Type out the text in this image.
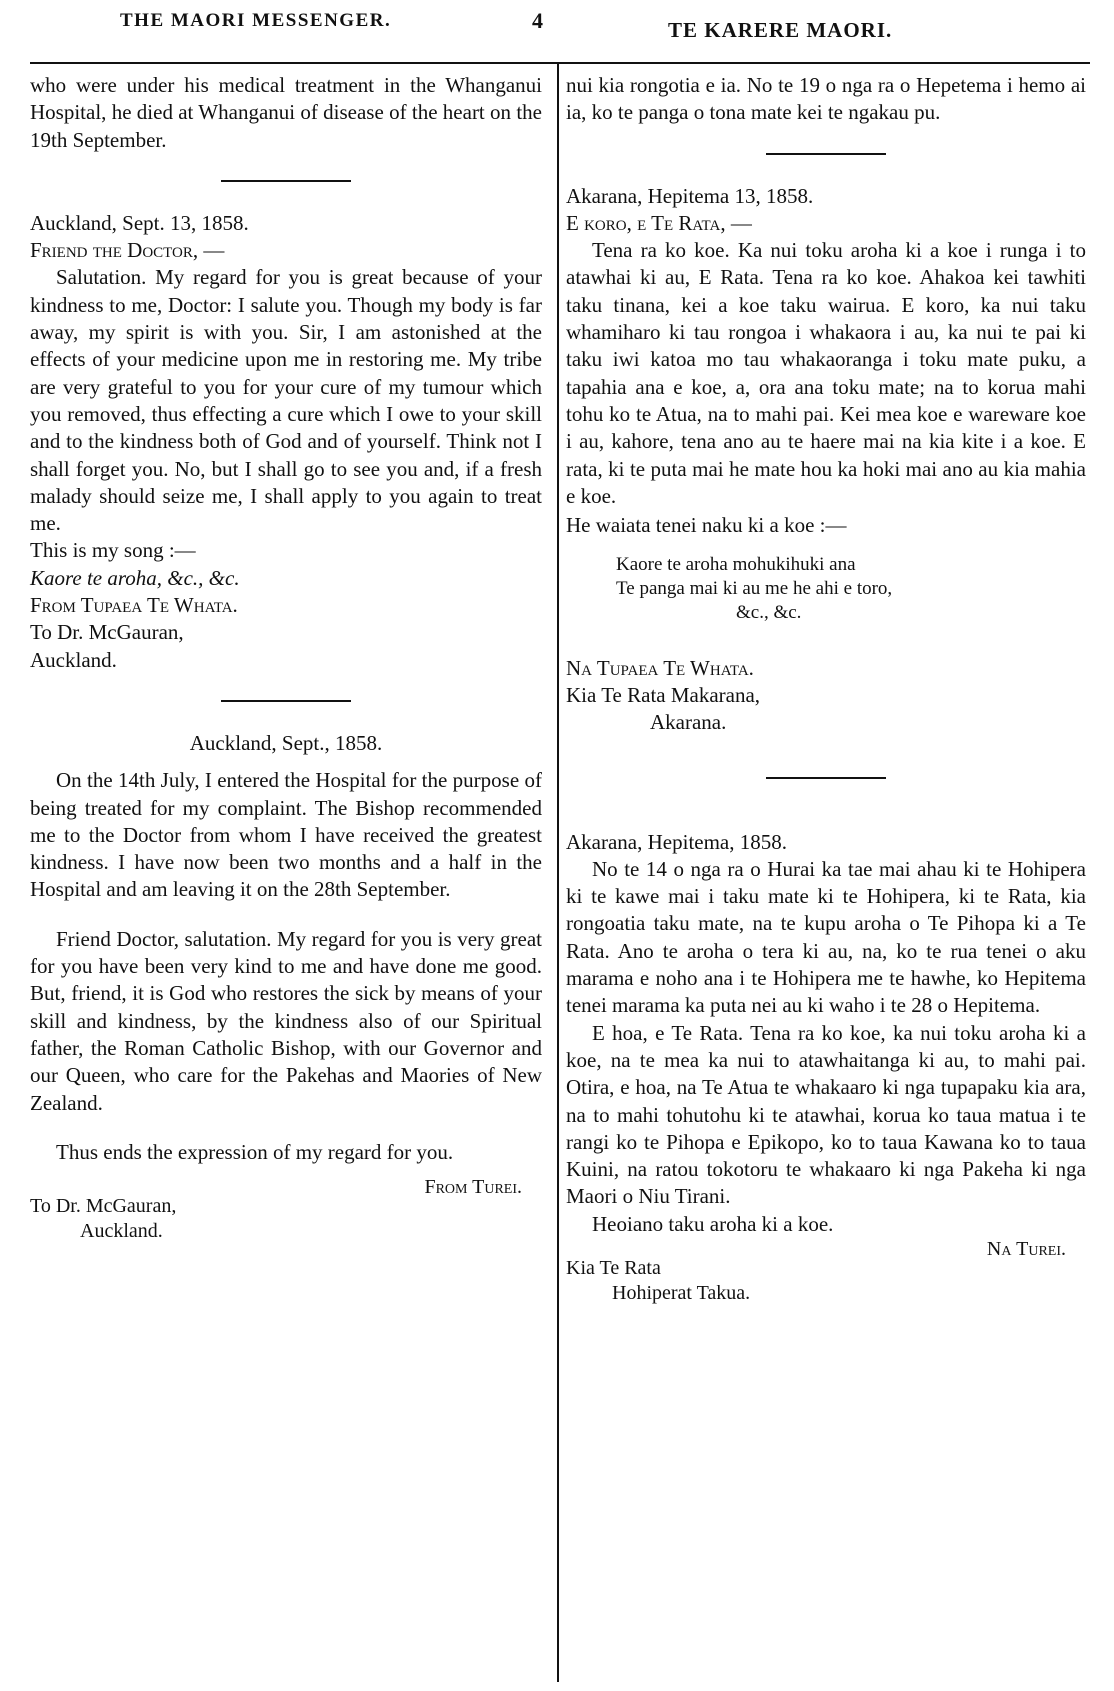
THE MAORI MESSENGER.	4	TE KARERE MAORI.

who were under his medical treatment in the Whanganui Hospital, he died at Whanganui of disease of the heart on the 19th September.

Auckland, Sept. 13, 1858.

Friend the Doctor, —

Salutation. My regard for you is great because of your kindness to me, Doctor: I salute you. Though my body is far away, my spirit is with you. Sir, I am astonished at the effects of your medicine upon me in restoring me. My tribe are very grateful to you for your cure of my tumour which you removed, thus effecting a cure which I owe to your skill and to the kindness both of God and of yourself. Think not I shall forget you. No, but I shall go to see you and, if a fresh malady should seize me, I shall apply to you again to treat me.

This is my song :—

Kaore te aroha, &c., &c.

From Tupaea Te Whata.

To Dr. McGauran,

Auckland.

Auckland, Sept., 1858.

On the 14th July, I entered the Hospital for the purpose of being treated for my complaint. The Bishop recommended me to the Doctor from whom I have received the greatest kindness. I have now been two months and a half in the Hospital and am leaving it on the 28th September.

Friend Doctor, salutation. My regard for you is very great for you have been very kind to me and have done me good. But, friend, it is God who restores the sick by means of your skill and kindness, by the kindness also of our Spiritual father, the Roman Catholic Bishop, with our Governor and our Queen, who care for the Pakehas and Maories of New Zealand.

Thus ends the expression of my regard for you.

From Turei.
To Dr. McGauran,
Auckland.

nui kia rongotia e ia. No te 19 o nga ra o Hepetema i hemo ai ia, ko te panga o tona mate kei te ngakau pu.

Akarana, Hepitema 13, 1858.

E koro, e Te Rata, —

Tena ra ko koe. Ka nui toku aroha ki a koe i runga i to atawhai ki au, E Rata. Tena ra ko koe. Ahakoa kei tawhiti taku tinana, kei a koe taku wairua. E koro, ka nui taku whamiharo ki tau rongoa i whakaora i au, ka nui te pai ki taku iwi katoa mo tau whakaoranga i toku mate puku, a tapahia ana e koe, a, ora ana toku mate; na to korua mahi tohu ko te Atua, na to mahi pai. Kei mea koe e wareware koe i au, kahore, tena ano au te haere mai na kia kite i a koe. E rata, ki te puta mai he mate hou ka hoki mai ano au kia mahia e koe.

He waiata tenei naku ki a koe :—

Kaore te aroha mohukihuki ana
Te panga mai ki au me he ahi e toro,
&c., &c.

Na Tupaea Te Whata.

Kia Te Rata Makarana,

Akarana.

Akarana, Hepitema, 1858.

No te 14 o nga ra o Hurai ka tae mai ahau ki te Hohipera ki te kawe mai i taku mate ki te Hohipera, ki te Rata, kia rongoatia taku mate, na te kupu aroha o Te Pihopa ki a Te Rata. Ano te aroha o tera ki au, na, ko te rua tenei o aku marama e noho ana i te Hohipera me te hawhe, ko Hepitema tenei marama ka puta nei au ki waho i te 28 o Hepitema.

E hoa, e Te Rata. Tena ra ko koe, ka nui toku aroha ki a koe, na te mea ka nui to atawhaitanga ki au, to mahi pai. Otira, e hoa, na Te Atua te whakaaro ki nga tupapaku kia ara, na to mahi tohutohu ki te atawhai, korua ko taua matua i te rangi ko te Pihopa e Epikopo, ko to taua Kawana ko to taua Kuini, na ratou tokotoru te whakaaro ki nga Pakeha ki nga Maori o Niu Tirani.

Heoiano taku aroha ki a koe.

Na Turei.
Kia Te Rata
Hohiperat Takua.
